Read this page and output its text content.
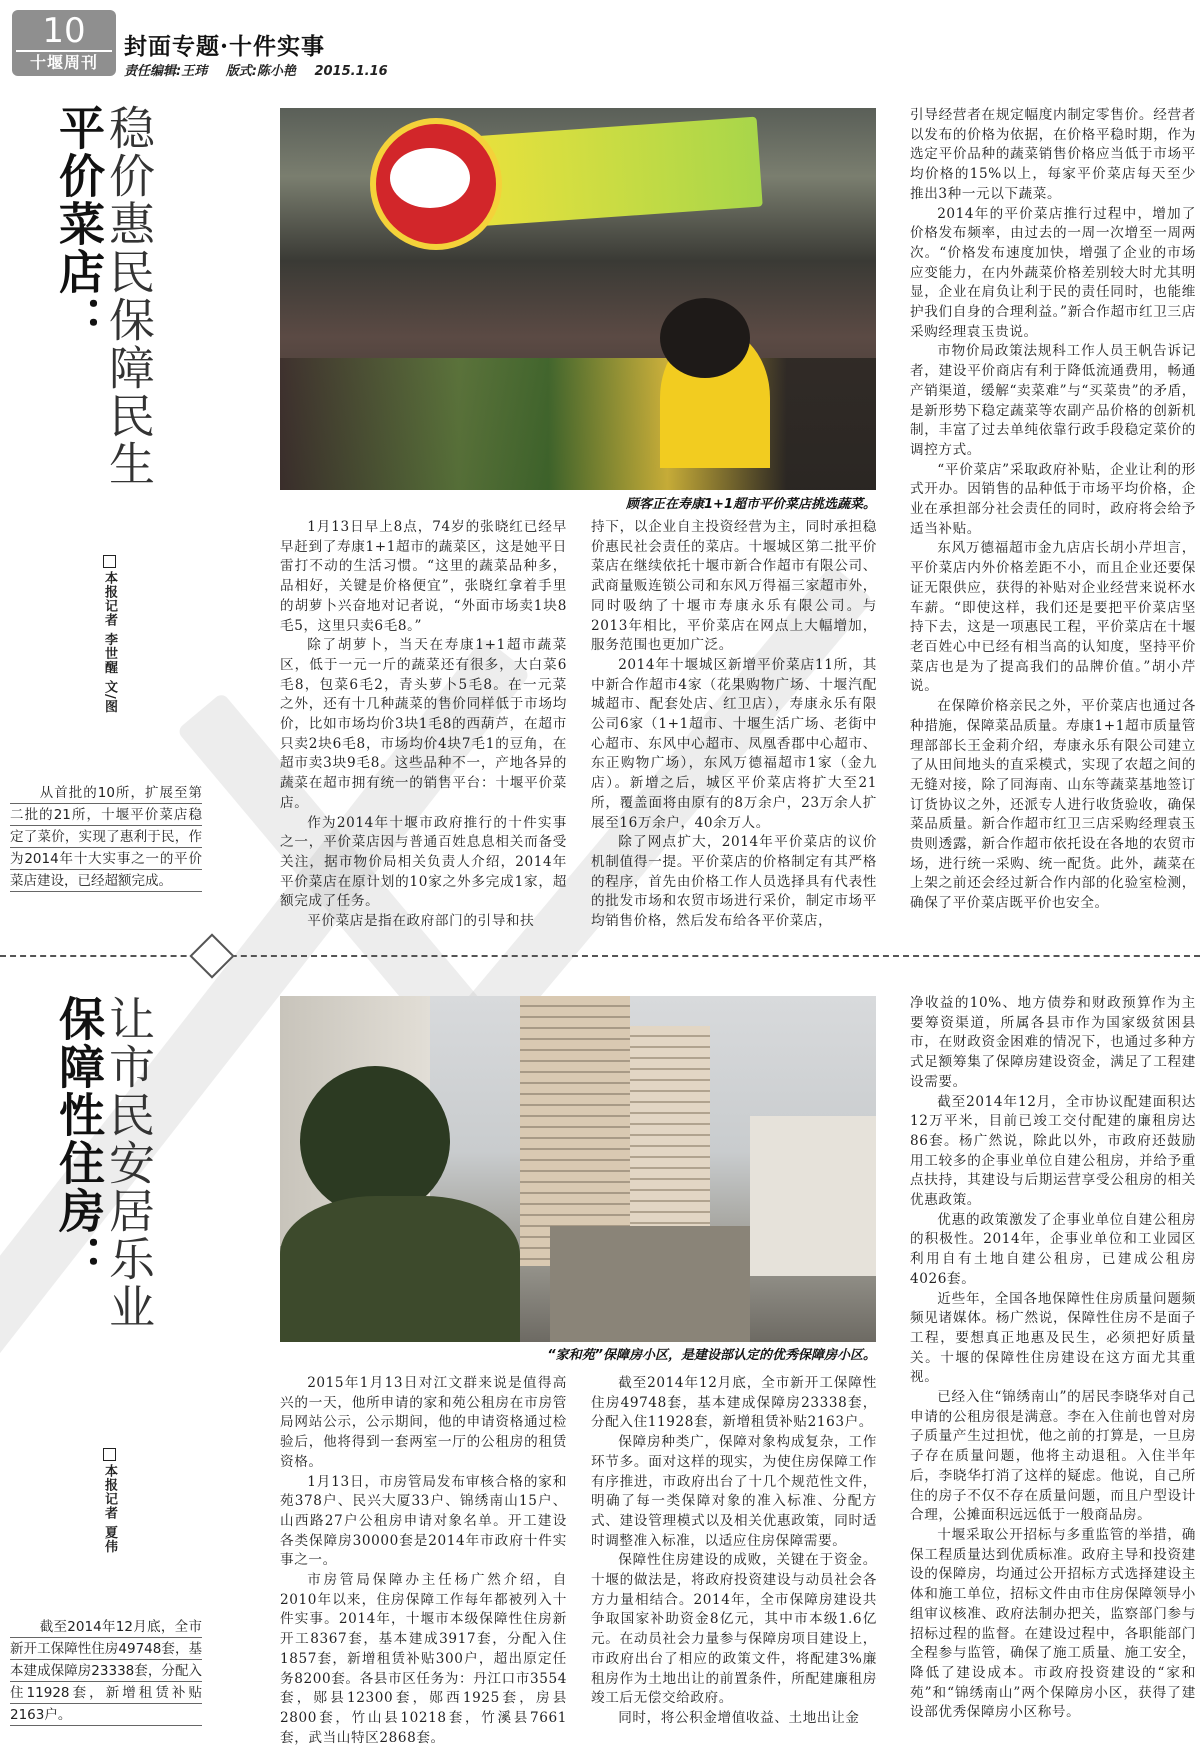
10
十堰周刊
封面专题·十件实事
责任编辑:王玮 版式:陈小艳 2015.1.16
稳价惠民保障民生
平价菜店：
本报记者 李世醒 文/图
从首批的10所，扩展至第二批的21所，十堰平价菜店稳定了菜价，实现了惠利于民，作为2014年十大实事之一的平价菜店建设，已经超额完成。
顾客正在寿康1+1超市平价菜店挑选蔬菜。

1月13日早上8点，74岁的张晓红已经早早赶到了寿康1+1超市的蔬菜区，这是她平日雷打不动的生活习惯。“这里的蔬菜品种多，品相好，关键是价格便宜”，张晓红拿着手里的胡萝卜兴奋地对记者说，“外面市场卖1块8毛5，这里只卖6毛8。”

除了胡萝卜，当天在寿康1+1超市蔬菜区，低于一元一斤的蔬菜还有很多，大白菜6毛8，包菜6毛2，青头萝卜5毛8。在一元菜之外，还有十几种蔬菜的售价同样低于市场均价，比如市场均价3块1毛8的西葫芦，在超市只卖2块6毛8，市场均价4块7毛1的豆角，在超市卖3块9毛8。这些品种不一，产地各异的蔬菜在超市拥有统一的销售平台：十堰平价菜店。

作为2014年十堰市政府推行的十件实事之一，平价菜店因与普通百姓息息相关而备受关注，据市物价局相关负责人介绍，2014年平价菜店在原计划的10家之外多完成1家，超额完成了任务。

平价菜店是指在政府部门的引导和扶

持下，以企业自主投资经营为主，同时承担稳价惠民社会责任的菜店。十堰城区第二批平价菜店在继续依托十堰市新合作超市有限公司、武商量贩连锁公司和东风万得福三家超市外，同时吸纳了十堰市寿康永乐有限公司。与2013年相比，平价菜店在网点上大幅增加，服务范围也更加广泛。

2014年十堰城区新增平价菜店11所，其中新合作超市4家（花果购物广场、十堰汽配城超市、配套处店、红卫店），寿康永乐有限公司6家（1+1超市、十堰生活广场、老街中心超市、东风中心超市、凤凰香郡中心超市、东正购物广场），东风万德福超市1家（金九店）。新增之后，城区平价菜店将扩大至21所，覆盖面将由原有的8万余户，23万余人扩展至16万余户，40余万人。

除了网点扩大，2014年平价菜店的议价机制值得一提。平价菜店的价格制定有其严格的程序，首先由价格工作人员选择具有代表性的批发市场和农贸市场进行采价，制定市场平均销售价格，然后发布给各平价菜店，

引导经营者在规定幅度内制定零售价。经营者以发布的价格为依据，在价格平稳时期，作为选定平价品种的蔬菜销售价格应当低于市场平均价格的15%以上，每家平价菜店每天至少推出3种一元以下蔬菜。

2014年的平价菜店推行过程中，增加了价格发布频率，由过去的一周一次增至一周两次。“价格发布速度加快，增强了企业的市场应变能力，在内外蔬菜价格差别较大时尤其明显，企业在肩负让利于民的责任同时，也能维护我们自身的合理利益。”新合作超市红卫三店采购经理袁玉贵说。

市物价局政策法规科工作人员王帆告诉记者，建设平价商店有利于降低流通费用，畅通产销渠道，缓解“卖菜难”与“买菜贵”的矛盾，是新形势下稳定蔬菜等农副产品价格的创新机制，丰富了过去单纯依靠行政手段稳定菜价的调控方式。

“平价菜店”采取政府补贴，企业让利的形式开办。因销售的品种低于市场平均价格，企业在承担部分社会责任的同时，政府将会给予适当补贴。

东风万德福超市金九店店长胡小芹坦言，平价菜店内外价格差距不小，而且企业还要保证无限供应，获得的补贴对企业经营来说杯水车薪。“即使这样，我们还是要把平价菜店坚持下去，这是一项惠民工程，平价菜店在十堰老百姓心中已经有相当高的认知度，坚持平价菜店也是为了提高我们的品牌价值。”胡小芹说。

在保障价格亲民之外，平价菜店也通过各种措施，保障菜品质量。寿康1+1超市质量管理部部长王金莉介绍，寿康永乐有限公司建立了从田间地头的直采模式，实现了农超之间的无缝对接，除了同海南、山东等蔬菜基地签订订货协议之外，还派专人进行收货验收，确保菜品质量。新合作超市红卫三店采购经理袁玉贵则透露，新合作超市依托设在各地的农贸市场，进行统一采购、统一配货。此外，蔬菜在上架之前还会经过新合作内部的化验室检测，确保了平价菜店既平价也安全。

让市民安居乐业
保障性住房：
本报记者 夏伟
截至2014年12月底，全市新开工保障性住房49748套，基本建成保障房23338套，分配入住11928套，新增租赁补贴2163户。
“家和苑”保障房小区，是建设部认定的优秀保障房小区。

2015年1月13日对江文群来说是值得高兴的一天，他所申请的家和苑公租房在市房管局网站公示，公示期间，他的申请资格通过检验后，他将得到一套两室一厅的公租房的租赁资格。

1月13日，市房管局发布审核合格的家和苑378户、民兴大厦33户、锦绣南山15户、山西路27户公租房申请对象名单。开工建设各类保障房30000套是2014年市政府十件实事之一。

市房管局保障办主任杨广然介绍，自2010年以来，住房保障工作每年都被列入十件实事。2014年，十堰市本级保障性住房新开工8367套，基本建成3917套，分配入住1857套，新增租赁补贴300户，超出原定任务8200套。各县市区任务为：丹江口市3554套，郧县12300套，郧西1925套，房县2800套，竹山县10218套，竹溪县7661套，武当山特区2868套。

截至2014年12月底，全市新开工保障性住房49748套，基本建成保障房23338套，分配入住11928套，新增租赁补贴2163户。

保障房种类广，保障对象构成复杂，工作环节多。面对这样的现实，为使住房保障工作有序推进，市政府出台了十几个规范性文件，明确了每一类保障对象的准入标准、分配方式、建设管理模式以及相关优惠政策，同时适时调整准入标准，以适应住房保障需要。

保障性住房建设的成败，关键在于资金。十堰的做法是，将政府投资建设与动员社会各方力量相结合。2014年，全市保障房建设共争取国家补助资金8亿元，其中市本级1.6亿元。在动员社会力量参与保障房项目建设上，市政府出台了相应的政策文件，将配建3%廉租房作为土地出让的前置条件，所配建廉租房竣工后无偿交给政府。

同时，将公积金增值收益、土地出让金

净收益的10%、地方债券和财政预算作为主要筹资渠道，所属各县市作为国家级贫困县市，在财政资金困难的情况下，也通过多种方式足额筹集了保障房建设资金，满足了工程建设需要。

截至2014年12月，全市协议配建面积达12万平米，目前已竣工交付配建的廉租房达86套。杨广然说，除此以外，市政府还鼓励用工较多的企事业单位自建公租房，并给予重点扶持，其建设与后期运营享受公租房的相关优惠政策。

优惠的政策激发了企事业单位自建公租房的积极性。2014年，企事业单位和工业园区利用自有土地自建公租房，已建成公租房4026套。

近些年，全国各地保障性住房质量问题频频见诸媒体。杨广然说，保障性住房不是面子工程，要想真正地惠及民生，必须把好质量关。十堰的保障性住房建设在这方面尤其重视。

已经入住“锦绣南山”的居民李晓华对自己申请的公租房很是满意。李在入住前也曾对房子质量产生过担忧，他之前的打算是，一旦房子存在质量问题，他将主动退租。入住半年后，李晓华打消了这样的疑虑。他说，自己所住的房子不仅不存在质量问题，而且户型设计合理，公摊面积远远低于一般商品房。

十堰采取公开招标与多重监管的举措，确保工程质量达到优质标准。政府主导和投资建设的保障房，均通过公开招标方式选择建设主体和施工单位，招标文件由市住房保障领导小组审议核准、政府法制办把关，监察部门参与招标过程的监督。在建设过程中，各职能部门全程参与监管，确保了施工质量、施工安全，降低了建设成本。市政府投资建设的“家和苑”和“锦绣南山”两个保障房小区，获得了建设部优秀保障房小区称号。
